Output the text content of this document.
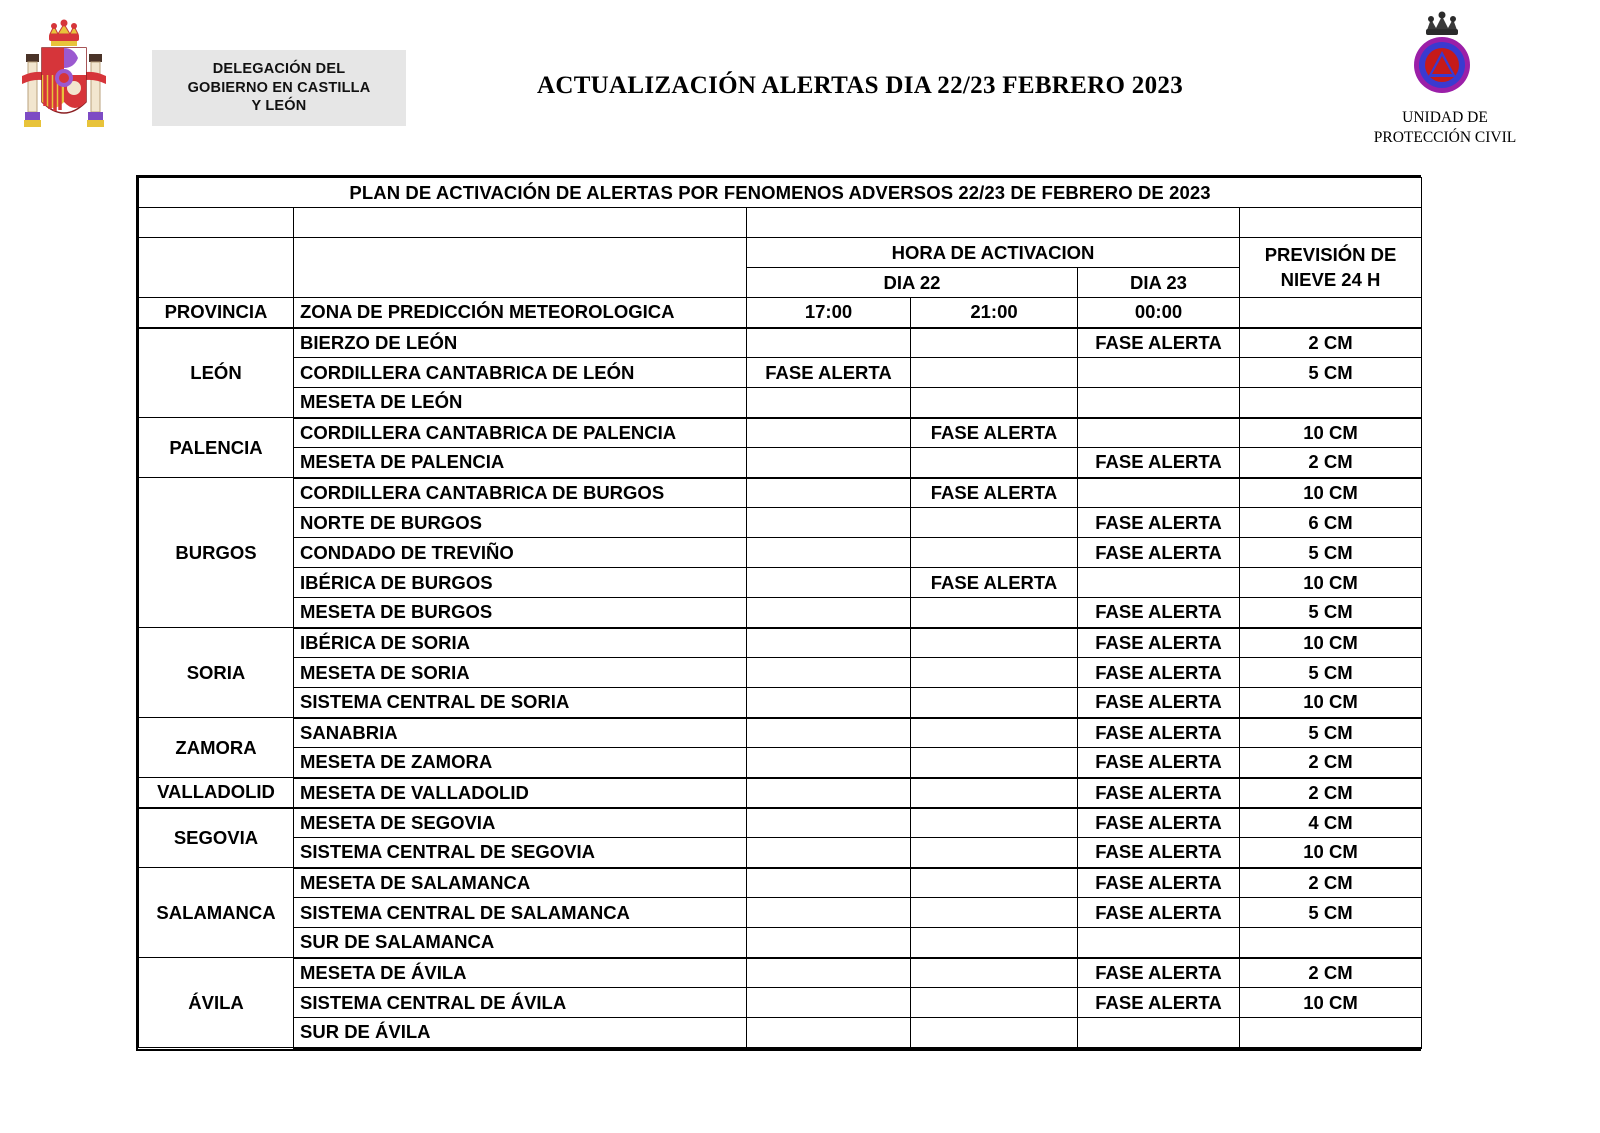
DELEGACIÓN DEL
GOBIERNO EN CASTILLA
Y LEÓN
ACTUALIZACIÓN ALERTAS DIA 22/23 FEBRERO 2023
UNIDAD DE
PROTECCIÓN CIVIL
PLAN DE ACTIVACIÓN DE ALERTAS POR FENOMENOS ADVERSOS 22/23 DE FEBRERO DE 2023					

		HORA DE ACTIVACION			PREVISIÓN DE
NIEVE 24 H
		DIA 22		DIA 23	
PROVINCIA	ZONA DE PREDICCIÓN METEOROLOGICA	17:00	21:00	00:00	
LEÓN	BIERZO DE LEÓN			FASE ALERTA	2 CM
	CORDILLERA CANTABRICA DE LEÓN	FASE ALERTA			5 CM
	MESETA DE LEÓN				
PALENCIA	CORDILLERA CANTABRICA DE PALENCIA		FASE ALERTA		10 CM
	MESETA DE PALENCIA			FASE ALERTA	2 CM
BURGOS	CORDILLERA CANTABRICA DE BURGOS		FASE ALERTA		10 CM
	NORTE DE BURGOS			FASE ALERTA	6 CM
	CONDADO DE TREVIÑO			FASE ALERTA	5 CM
	IBÉRICA DE BURGOS		FASE ALERTA		10 CM
	MESETA DE BURGOS			FASE ALERTA	5 CM
SORIA	IBÉRICA DE SORIA			FASE ALERTA	10 CM
	MESETA DE SORIA			FASE ALERTA	5 CM
	SISTEMA CENTRAL DE SORIA			FASE ALERTA	10 CM
ZAMORA	SANABRIA			FASE ALERTA	5 CM
	MESETA DE ZAMORA			FASE ALERTA	2 CM
VALLADOLID	MESETA DE VALLADOLID			FASE ALERTA	2 CM
SEGOVIA	MESETA DE SEGOVIA			FASE ALERTA	4 CM
	SISTEMA CENTRAL DE SEGOVIA			FASE ALERTA	10 CM
SALAMANCA	MESETA DE SALAMANCA			FASE ALERTA	2 CM
	SISTEMA CENTRAL DE SALAMANCA			FASE ALERTA	5 CM
	SUR DE SALAMANCA				
ÁVILA	MESETA DE ÁVILA			FASE ALERTA	2 CM
	SISTEMA CENTRAL DE ÁVILA			FASE ALERTA	10 CM
	SUR DE ÁVILA				
